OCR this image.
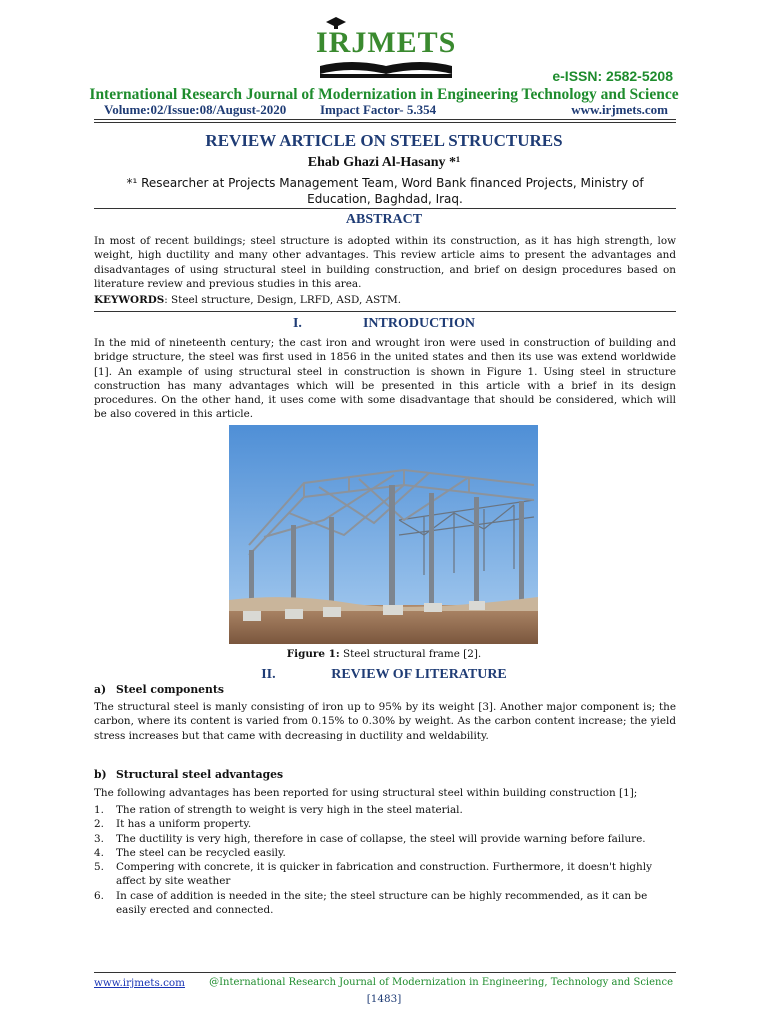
IRJMETS
e-ISSN: 2582-5208
International Research Journal of Modernization in Engineering Technology and Science
Volume:02/Issue:08/August-2020	Impact Factor- 5.354	www.irjmets.com
REVIEW ARTICLE ON STEEL STRUCTURES
Ehab Ghazi Al-Hasany *¹
*¹ Researcher at Projects Management Team, Word Bank financed Projects, Ministry of Education, Baghdad, Iraq.
ABSTRACT
In most of recent buildings; steel structure is adopted within its construction, as it has high strength, low weight, high ductility and many other advantages. This review article aims to present the advantages and disadvantages of using structural steel in building construction, and brief on design procedures based on literature review and previous studies in this area.
KEYWORDS: Steel structure, Design, LRFD, ASD, ASTM.
I.	INTRODUCTION
In the mid of nineteenth century; the cast iron and wrought iron were used in construction of building and bridge structure, the steel was first used in 1856 in the united states and then its use was extend worldwide [1]. An example of using structural steel in construction is shown in Figure 1. Using steel in structure construction has many advantages which will be presented in this article with a brief in its design procedures. On the other hand, it uses come with some disadvantage that should be considered, which will be also covered in this article.
Figure 1: Steel structural frame [2].
II.	REVIEW OF LITERATURE
a) Steel components
The structural steel is manly consisting of iron up to 95% by its weight [3]. Another major component is; the carbon, where its content is varied from 0.15% to 0.30% by weight. As the carbon content increase; the yield stress increases but that came with decreasing in ductility and weldability.
b) Structural steel advantages
The following advantages has been reported for using structural steel within building construction [1];
1. The ration of strength to weight is very high in the steel material.
2. It has a uniform property.
3. The ductility is very high, therefore in case of collapse, the steel will provide warning before failure.
4. The steel can be recycled easily.
5. Compering with concrete, it is quicker in fabrication and construction. Furthermore, it doesn't highly affect by site weather
6. In case of addition is needed in the site; the steel structure can be highly recommended, as it can be easily erected and connected.
www.irjmets.com @International Research Journal of Modernization in Engineering, Technology and Science
[1483]
